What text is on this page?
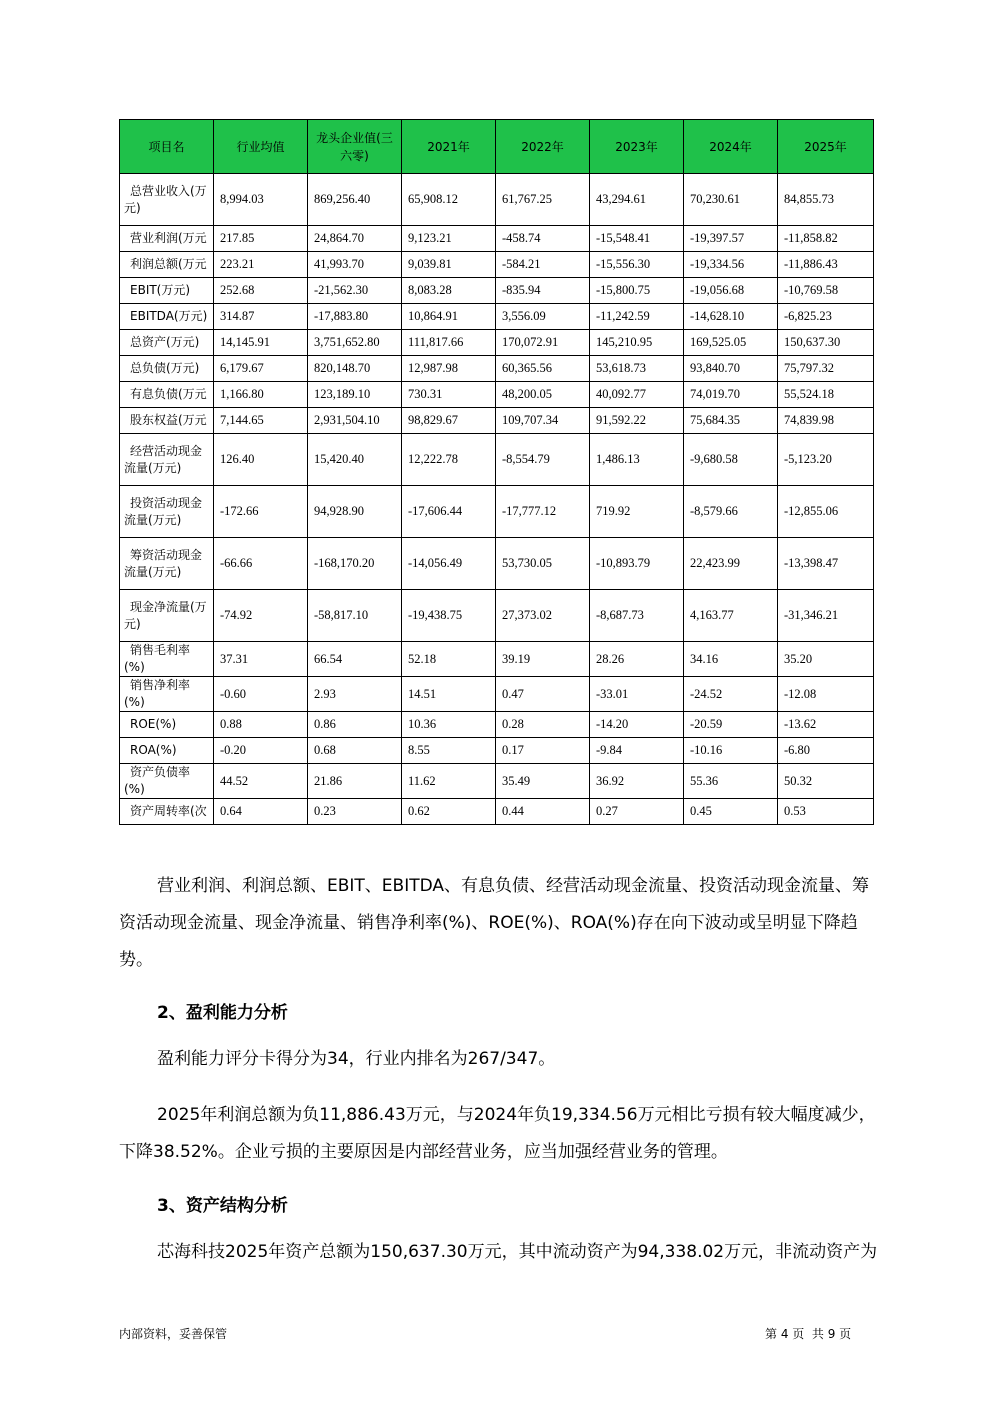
项目名	行业均值	龙头企业值(三六零)	2021年	2022年	2023年	2024年	2025年
总营业收入(万元)	8,994.03	869,256.40	65,908.12	61,767.25	43,294.61	70,230.61	84,855.73
营业利润(万元	217.85	24,864.70	9,123.21	-458.74	-15,548.41	-19,397.57	-11,858.82
利润总额(万元	223.21	41,993.70	9,039.81	-584.21	-15,556.30	-19,334.56	-11,886.43
EBIT(万元)	252.68	-21,562.30	8,083.28	-835.94	-15,800.75	-19,056.68	-10,769.58
EBITDA(万元)	314.87	-17,883.80	10,864.91	3,556.09	-11,242.59	-14,628.10	-6,825.23
总资产(万元)	14,145.91	3,751,652.80	111,817.66	170,072.91	145,210.95	169,525.05	150,637.30
总负债(万元)	6,179.67	820,148.70	12,987.98	60,365.56	53,618.73	93,840.70	75,797.32
有息负债(万元	1,166.80	123,189.10	730.31	48,200.05	40,092.77	74,019.70	55,524.18
股东权益(万元	7,144.65	2,931,504.10	98,829.67	109,707.34	91,592.22	75,684.35	74,839.98
经营活动现金流量(万元)	126.40	15,420.40	12,222.78	-8,554.79	1,486.13	-9,680.58	-5,123.20
投资活动现金流量(万元)	-172.66	94,928.90	-17,606.44	-17,777.12	719.92	-8,579.66	-12,855.06
筹资活动现金流量(万元)	-66.66	-168,170.20	-14,056.49	53,730.05	-10,893.79	22,423.99	-13,398.47
现金净流量(万元)	-74.92	-58,817.10	-19,438.75	27,373.02	-8,687.73	4,163.77	-31,346.21
销售毛利率(%)	37.31	66.54	52.18	39.19	28.26	34.16	35.20
销售净利率(%)	-0.60	2.93	14.51	0.47	-33.01	-24.52	-12.08
ROE(%)	0.88	0.86	10.36	0.28	-14.20	-20.59	-13.62
ROA(%)	-0.20	0.68	8.55	0.17	-9.84	-10.16	-6.80
资产负债率(%)	44.52	21.86	11.62	35.49	36.92	55.36	50.32
资产周转率(次	0.64	0.23	0.62	0.44	0.27	0.45	0.53

营业利润、利润总额、EBIT、EBITDA、有息负债、经营活动现金流量、投资活动现金流量、筹资活动现金流量、现金净流量、销售净利率(%)、ROE(%)、ROA(%)存在向下波动或呈明显下降趋势。

2、盈利能力分析

盈利能力评分卡得分为34，行业内排名为267/347。

2025年利润总额为负11,886.43万元，与2024年负19,334.56万元相比亏损有较大幅度减少，下降38.52%。企业亏损的主要原因是内部经营业务，应当加强经营业务的管理。

3、资产结构分析

芯海科技2025年资产总额为150,637.30万元，其中流动资产为94,338.02万元，非流动资产为

内部资料，妥善保管	第 4 页  共 9 页
